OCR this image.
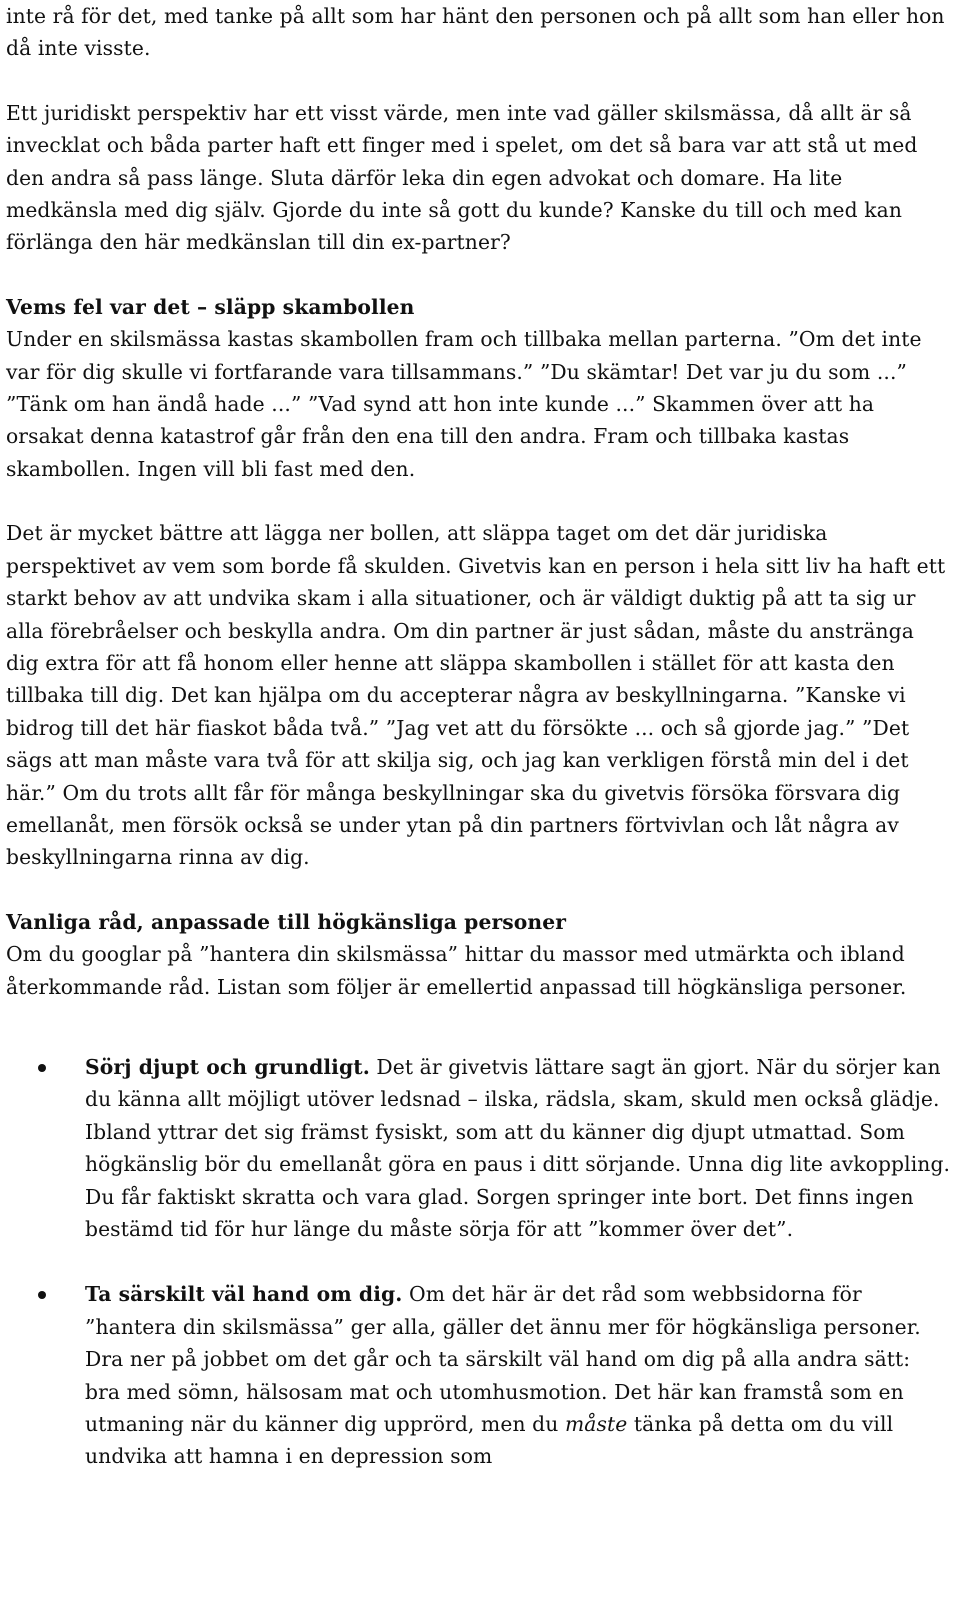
inte rå för det, med tanke på allt som har hänt den personen och på allt som han eller hon då inte visste.

Ett juridiskt perspektiv har ett visst värde, men inte vad gäller skilsmässa, då allt är så invecklat och båda parter haft ett finger med i spelet, om det så bara var att stå ut med den andra så pass länge. Sluta därför leka din egen advokat och domare. Ha lite medkänsla med dig själv. Gjorde du inte så gott du kunde? Kanske du till och med kan förlänga den här medkänslan till din ex-partner?

Vems fel var det – släpp skambollen

Under en skilsmässa kastas skambollen fram och tillbaka mellan parterna. ”Om det inte var för dig skulle vi fortfarande vara tillsammans.” ”Du skämtar! Det var ju du som ...” ”Tänk om han ändå hade ...” ”Vad synd att hon inte kunde ...” Skammen över att ha orsakat denna katastrof går från den ena till den andra. Fram och tillbaka kastas skambollen. Ingen vill bli fast med den.

Det är mycket bättre att lägga ner bollen, att släppa taget om det där juridiska perspektivet av vem som borde få skulden. Givetvis kan en person i hela sitt liv ha haft ett starkt behov av att undvika skam i alla situationer, och är väldigt duktig på att ta sig ur alla förebråelser och beskylla andra. Om din partner är just sådan, måste du anstränga dig extra för att få honom eller henne att släppa skambollen i stället för att kasta den tillbaka till dig. Det kan hjälpa om du accepterar några av beskyllningarna. ”Kanske vi bidrog till det här fiaskot båda två.” ”Jag vet att du försökte ... och så gjorde jag.” ”Det sägs att man måste vara två för att skilja sig, och jag kan verkligen förstå min del i det här.” Om du trots allt får för många beskyllningar ska du givetvis försöka försvara dig emellanåt, men försök också se under ytan på din partners förtvivlan och låt några av beskyllningarna rinna av dig.

Vanliga råd, anpassade till högkänsliga personer

Om du googlar på ”hantera din skilsmässa” hittar du massor med utmärkta och ibland återkommande råd. Listan som följer är emellertid anpassad till högkänsliga personer.

Sörj djupt och grundligt. Det är givetvis lättare sagt än gjort. När du sörjer kan du känna allt möjligt utöver ledsnad – ilska, rädsla, skam, skuld men också glädje. Ibland yttrar det sig främst fysiskt, som att du känner dig djupt utmattad. Som högkänslig bör du emellanåt göra en paus i ditt sörjande. Unna dig lite avkoppling. Du får faktiskt skratta och vara glad. Sorgen springer inte bort. Det finns ingen bestämd tid för hur länge du måste sörja för att ”kommer över det”.
Ta särskilt väl hand om dig. Om det här är det råd som webbsidorna för ”hantera din skilsmässa” ger alla, gäller det ännu mer för högkänsliga personer. Dra ner på jobbet om det går och ta särskilt väl hand om dig på alla andra sätt: bra med sömn, hälsosam mat och utomhusmotion. Det här kan framstå som en utmaning när du känner dig upprörd, men du måste tänka på detta om du vill undvika att hamna i en depression som
